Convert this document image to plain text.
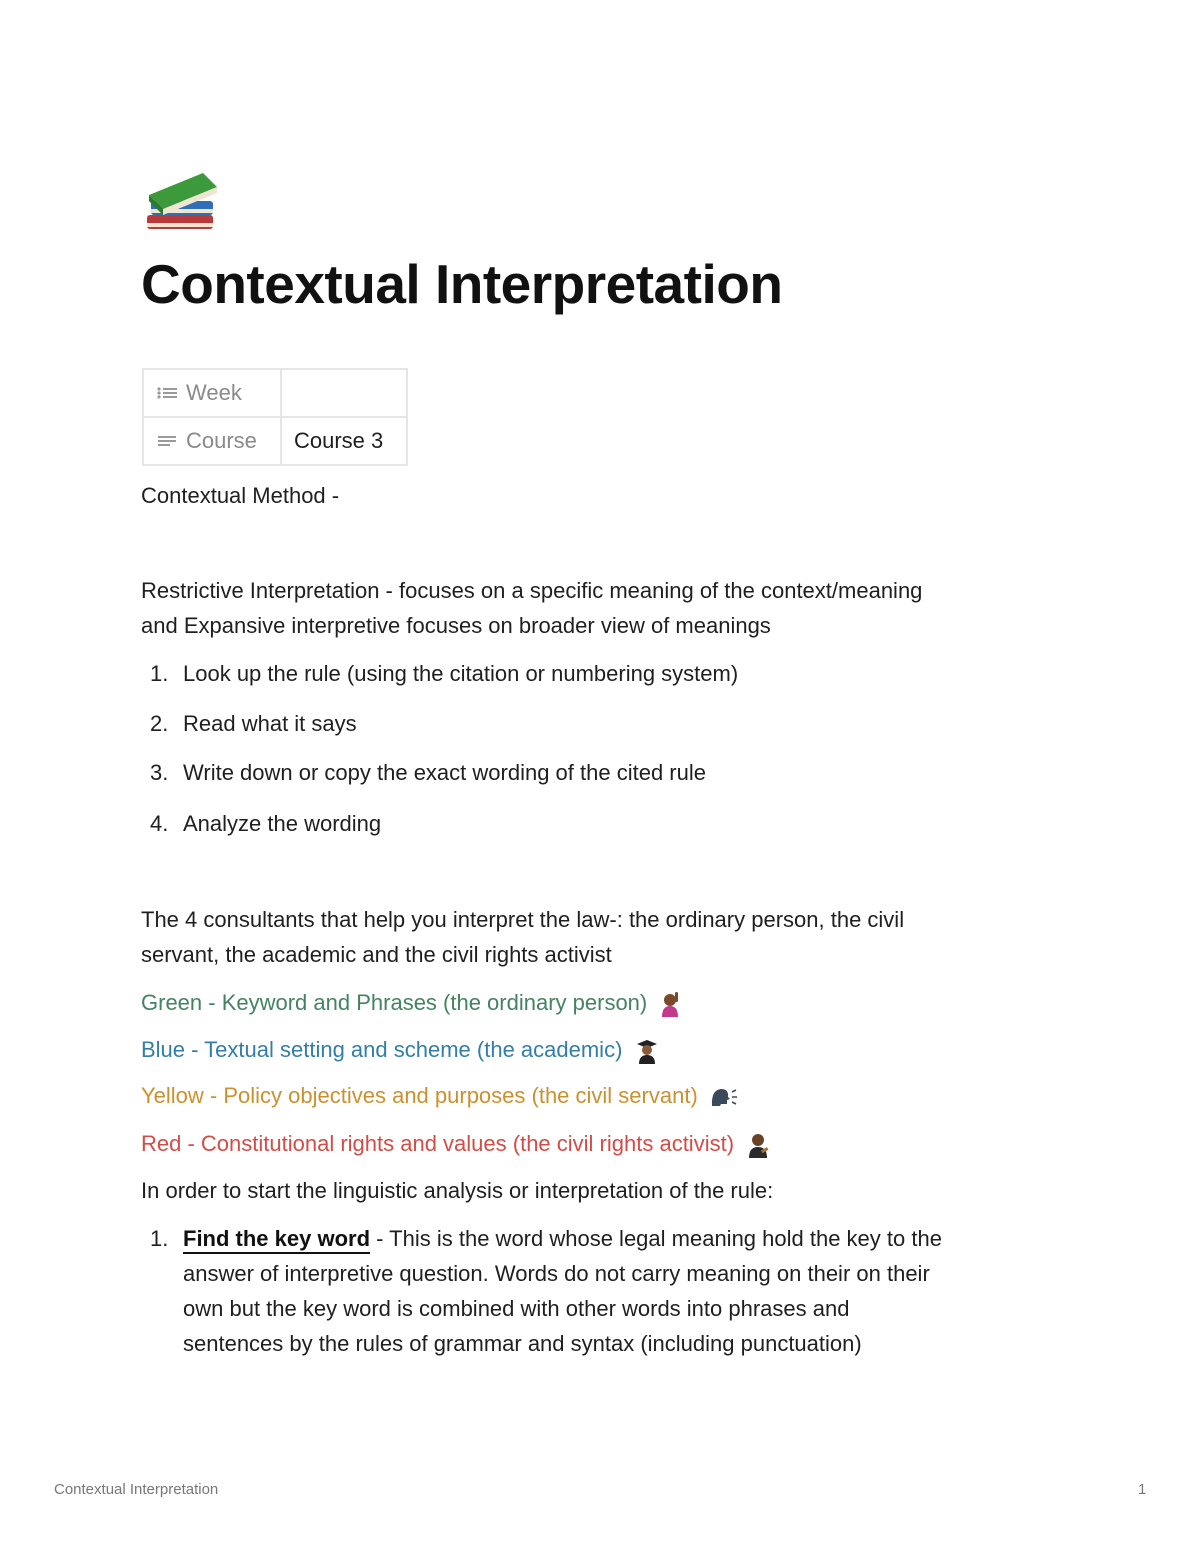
Contextual Interpretation
Week	

Course	Course 3

Contextual Method -

Restrictive Interpretation - focuses on a specific meaning of the context/meaning

and Expansive interpretive focuses on broader view of meanings

1. Look up the rule (using the citation or numbering system)
2. Read what it says
3. Write down or copy the exact wording of the cited rule
4. Analyze the wording

The 4 consultants that help you interpret the law-: the ordinary person, the civil

servant, the academic and the civil rights activist

Green - Keyword and Phrases (the ordinary person)

Blue - Textual setting and scheme (the academic)

Yellow - Policy objectives and purposes (the civil servant)

Red - Constitutional rights and values (the civil rights activist)

In order to start the linguistic analysis or interpretation of the rule:

1. Find the key word - This is the word whose legal meaning hold the key to the
answer of interpretive question. Words do not carry meaning on their on their
own but the key word is combined with other words into phrases and
sentences by the rules of grammar and syntax (including punctuation)
Contextual Interpretation	1
